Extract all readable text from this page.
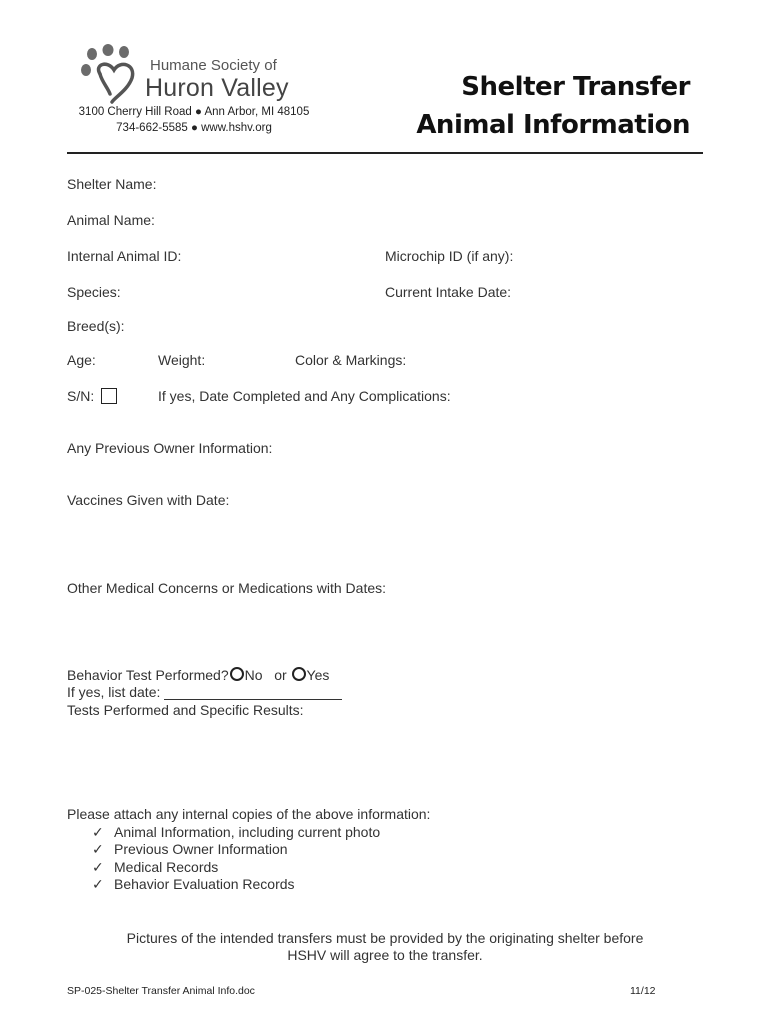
Humane Society of
Huron Valley
3100 Cherry Hill Road ● Ann Arbor, MI 48105
734-662-5585 ● www.hshv.org
Shelter Transfer
Animal Information
Shelter Name:
Animal Name:
Internal Animal ID:	Microchip ID (if any):
Species:	Current Intake Date:
Breed(s):
Age:	Weight:	Color & Markings:
S/N:	If yes, Date Completed and Any Complications:
Any Previous Owner Information:
Vaccines Given with Date:
Other Medical Concerns or Medications with Dates:
Behavior Test Performed? No or Yes
If yes, list date:
Tests Performed and Specific Results:
Please attach any internal copies of the above information:
✓ Animal Information, including current photo
✓ Previous Owner Information
✓ Medical Records
✓ Behavior Evaluation Records
Pictures of the intended transfers must be provided by the originating shelter before
HSHV will agree to the transfer.
SP-025-Shelter Transfer Animal Info.doc	11/12
